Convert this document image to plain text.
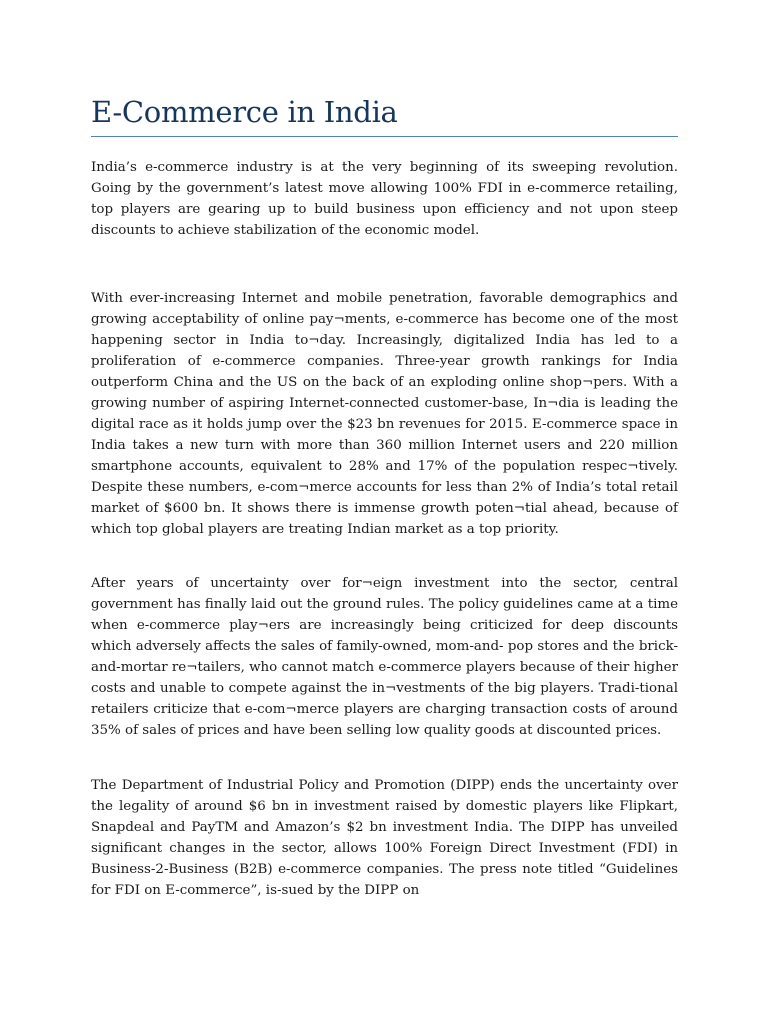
E-Commerce in India

India’s e-commerce industry is at the very beginning of its sweeping revolution. Going by the government’s latest move allowing 100% FDI in e-commerce retailing, top players are gearing up to build business upon efficiency and not upon steep discounts to achieve stabilization of the economic model.

With ever-increasing Internet and mobile penetration, favorable demographics and growing acceptability of online pay¬ments, e-commerce has become one of the most happening sector in India to¬day. Increasingly, digitalized India has led to a proliferation of e-commerce companies. Three-year growth rankings for India outperform China and the US on the back of an exploding online shop¬pers. With a growing number of aspiring Internet-connected customer-base, In¬dia is leading the digital race as it holds jump over the $23 bn revenues for 2015. E-commerce space in India takes a new turn with more than 360 million Internet users and 220 million smartphone accounts, equivalent to 28% and 17% of the population respec¬tively. Despite these numbers, e-com¬merce accounts for less than 2% of India’s total retail market of $600 bn. It shows there is immense growth poten¬tial ahead, because of which top global players are treating Indian market as a top priority.

After years of uncertainty over for¬eign investment into the sector, central government has finally laid out the ground rules. The policy guidelines came at a time when e-commerce play¬ers are increasingly being criticized for deep discounts which adversely affects the sales of family-owned, mom-and- pop stores and the brick-and-mortar re¬tailers, who cannot match e-commerce players because of their higher costs and unable to compete against the in¬vestments of the big players. Tradi-tional retailers criticize that e-com¬merce players are charging transaction costs of around 35% of sales of prices and have been selling low quality goods at discounted prices.

The Department of Industrial Policy and Promotion (DIPP) ends the uncertainty over the legality of around $6 bn in investment raised by domestic players like Flipkart, Snapdeal and PayTM and Amazon’s $2 bn investment India. The DIPP has unveiled significant changes in the sector, allows 100% Foreign Direct Investment (FDI) in Business-2-Business (B2B) e-commerce companies. The press note titled “Guidelines for FDI on E-commerce”, is-sued by the DIPP on
